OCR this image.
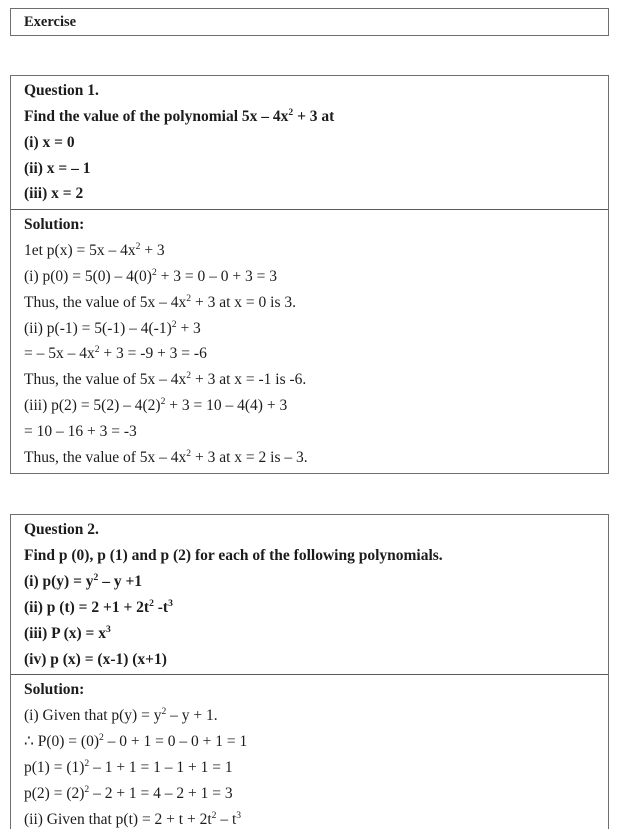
Exercise
Question 1.
Find the value of the polynomial $5x - 4x^2 + 3$ at
(i) x = 0
(ii) x = – 1
(iii) x = 2
Solution:
1et $p(x) = 5x - 4x^2 + 3$
(i) $p(0) = 5(0) - 4(0)^2 + 3 = 0 - 0 + 3 = 3$
Thus, the value of $5x - 4x^2 + 3$ at x = 0 is 3.
(ii) $p(-1) = 5(-1) - 4(-1)^2 + 3$
= – $5x - 4x^2 + 3 = -9 + 3 = -6$
Thus, the value of $5x - 4x^2 + 3$ at x = -1 is -6.
(iii) $p(2) = 5(2) - 4(2)^2 + 3 = 10 - 4(4) + 3$
= 10 – 16 + 3 = -3
Thus, the value of $5x - 4x^2 + 3$ at x = 2 is – 3.
Question 2.
Find p (0), p (1) and p (2) for each of the following polynomials.
(i) $p(y) = y^2 - y +1$
(ii) p $(t) = 2 +1 + 2t^2$ $-t^3$
(iii) P $(x) = x^3$
(iv) p (x) = (x-1) (x+1)
Solution:
(i) Given that $p(y) = y^2 - y + 1$.
∴ $P(0) = (0)^2 - 0 + 1 = 0 - 0 + 1 = 1$
$p(1) = (1)^2 - 1 + 1 = 1 - 1 + 1 = 1$
$p(2) = (2)^2 - 2 + 1 = 4 - 2 + 1 = 3$
(ii) Given that $p(t) = 2 + t + 2t^2 - t^3$
